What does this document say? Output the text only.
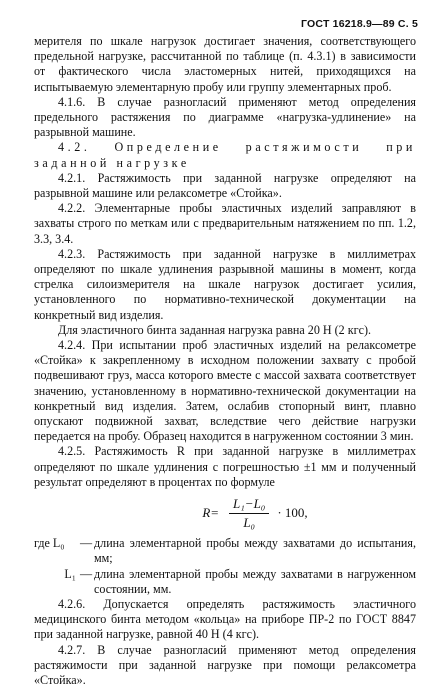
ГОСТ 16218.9—89 С. 5

мерителя по шкале нагрузок достигает значения, соответствующего предельной нагрузке, рассчитанной по таблице (п. 4.3.1) в зависимости от фактического числа эластомерных нитей, приходящихся на испытываемую элементарную пробу или группу элементарных проб.

4.1.6. В случае разногласий применяют метод определения предельного растяжения по диаграмме «нагрузка-удлинение» на разрывной машине.

4.2. Определение растяжимости при заданной нагрузке

4.2.1. Растяжимость при заданной нагрузке определяют на разрывной машине или релаксометре «Стойка».

4.2.2. Элементарные пробы эластичных изделий заправляют в захваты строго по меткам или с предварительным натяжением по пп. 1.2, 3.3, 3.4.

4.2.3. Растяжимость при заданной нагрузке в миллиметрах определяют по шкале удлинения разрывной машины в момент, когда стрелка силоизмерителя на шкале нагрузок достигает усилия, установленного по нормативно-технической документации на конкретный вид изделия.

Для эластичного бинта заданная нагрузка равна 20 Н (2 кгс).

4.2.4. При испытании проб эластичных изделий на релаксометре «Стойка» к закрепленному в исходном положении захвату с пробой подвешивают груз, масса которого вместе с массой захвата соответствует значению, установленному в нормативно-технической документации на конкретный вид изделия. Затем, ослабив стопорный винт, плавно опускают подвижной захват, вследствие чего действие нагрузки передается на пробу. Образец находится в нагруженном состоянии 3 мин.

4.2.5. Растяжимость R при заданной нагрузке в миллиметрах определяют по шкале удлинения с погрешностью ±1 мм и полученный результат определяют в процентах по формуле

$R= \frac{\text{L₁−L₀}}{\text{L₀}} \cdot 100$,
где L₀	— длина элементарной пробы между захватами до испытания, мм;
L₁ — длина элементарной пробы между захватами в нагруженном состоянии, мм.

4.2.6. Допускается определять растяжимость эластичного медицинского бинта методом «кольца» на приборе ПР-2 по ГОСТ 8847 при заданной нагрузке, равной 40 Н (4 кгс).

4.2.7. В случае разногласий применяют метод определения растяжимости при заданной нагрузке при помощи релаксометра «Стойка».
